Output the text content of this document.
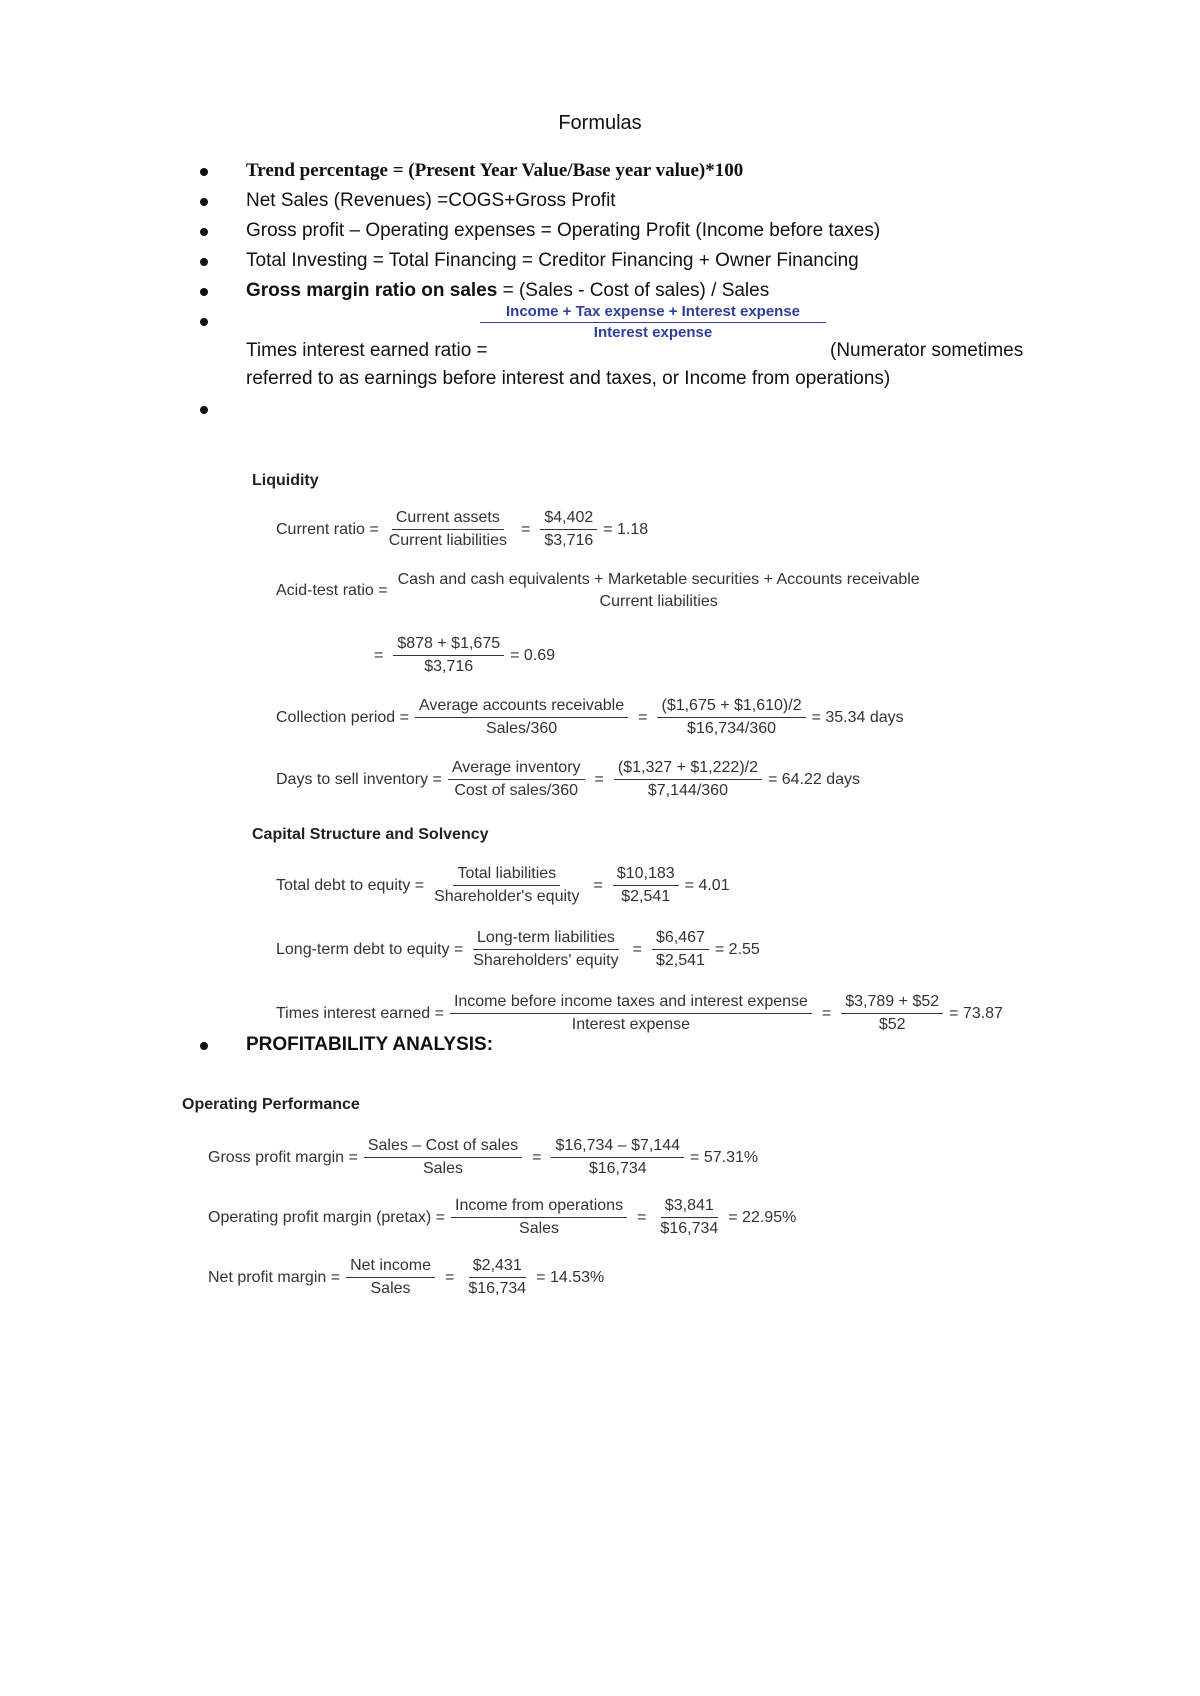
Formulas
Trend percentage = (Present Year Value/Base year value)*100
Net Sales (Revenues) =COGS+Gross Profit
Gross profit – Operating expenses = Operating Profit (Income before taxes)
Total Investing = Total Financing = Creditor Financing + Owner Financing
Gross margin ratio on sales = (Sales - Cost of sales) / Sales
Times interest earned ratio =
Income + Tax expense + Interest expense
Interest expense
(Numerator sometimes
referred to as earnings before interest and taxes, or Income from operations)

Liquidity
Current ratio = $\frac{\text{Current assets}}{\text{Current liabilities}} = \frac{\$4,402}{\$3,716} = 1.18$
Acid-test ratio =
Cash and cash equivalents + Marketable securities + Accounts receivable
Current liabilities
= $\frac{\$878 + \$1,675}{\$3,716} = 0.69$
Collection period = $\frac{\text{Average accounts receivable}}{\text{Sales/360}} = \frac{(\$1,675 + \$1,610)/2}{\$16,734/360} = 35.34$ days
Days to sell inventory = $\frac{\text{Average inventory}}{\text{Cost of sales/360}} = \frac{(\$1,327 + \$1,222)/2}{\$7,144/360} = 64.22$ days
Capital Structure and Solvency
Total debt to equity = $\frac{\text{Total liabilities}}{\text{Shareholder's equity}} = \frac{\$10,183}{\$2,541} = 4.01$
Long-term debt to equity = $\frac{\text{Long-term liabilities}}{\text{Shareholders' equity}} = \frac{\$6,467}{\$2,541} = 2.55$
Times interest earned = $\frac{\text{Income before income taxes and interest expense}}{\text{Interest expense}} = \frac{\$3,789 + \$52}{\$52} = 73.87$
PROFITABILITY ANALYSIS:
Operating Performance
Gross profit margin = $\frac{\text{Sales – Cost of sales}}{\text{Sales}} = \frac{\$16,734 - \$7,144}{\$16,734} = 57.31\%$
Operating profit margin (pretax) = $\frac{\text{Income from operations}}{\text{Sales}} = \frac{\$3,841}{\$16,734} = 22.95\%$
Net profit margin = $\frac{\text{Net income}}{\text{Sales}} = \frac{\$2,431}{\$16,734} = 14.53\%$
